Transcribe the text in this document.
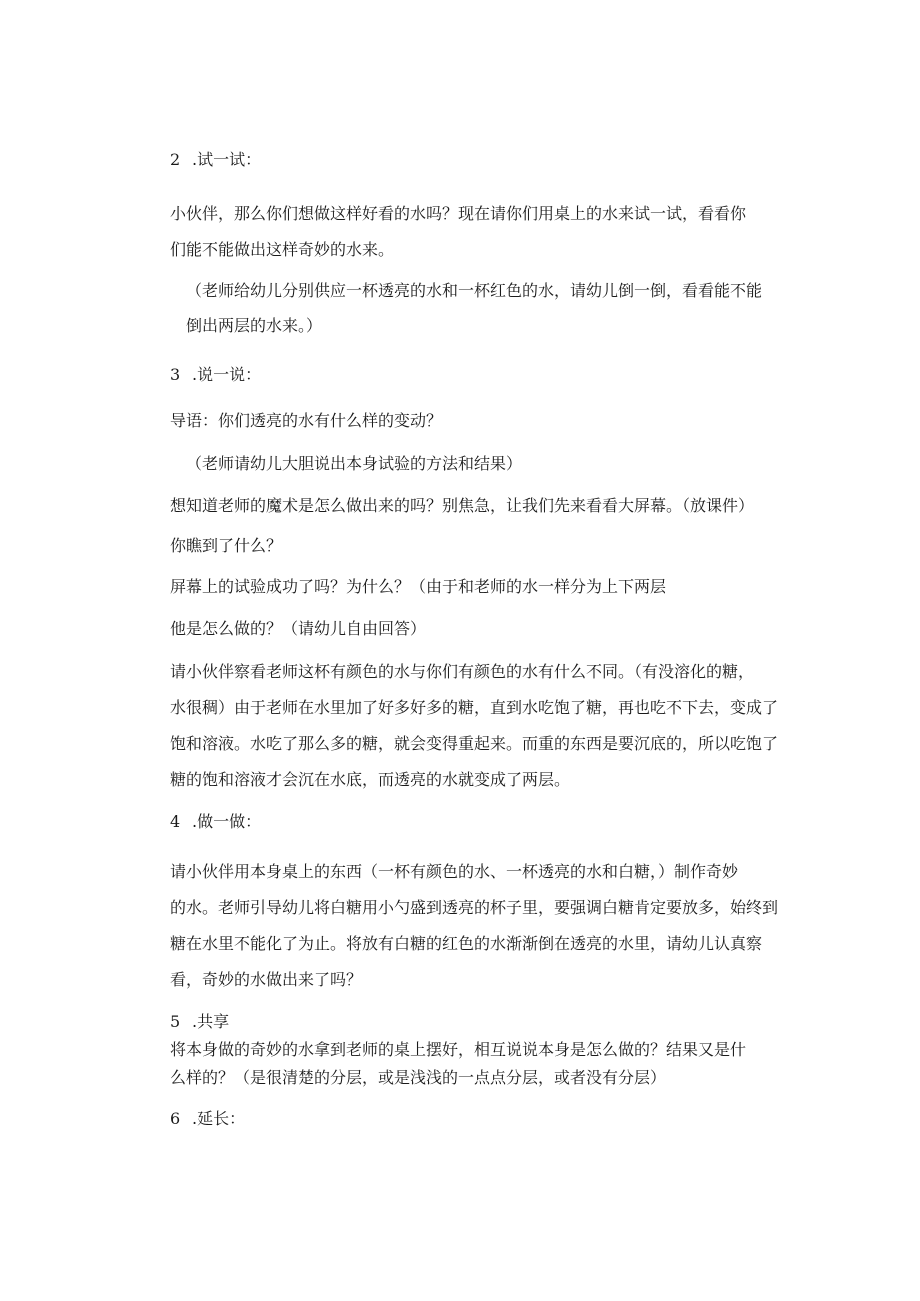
2 .试一试：

小伙伴，那么你们想做这样好看的水吗？现在请你们用桌上的水来试一试，看看你
们能不能做出这样奇妙的水来。

（老师给幼儿分别供应一杯透亮的水和一杯红色的水，请幼儿倒一倒，看看能不能
倒出两层的水来。）

3 .说一说：
导语：你们透亮的水有什么样的变动？
（老师请幼儿大胆说出本身试验的方法和结果）
想知道老师的魔术是怎么做出来的吗？别焦急，让我们先来看看大屏幕。（放课件）
你瞧到了什么？
屏幕上的试验成功了吗？为什么？（由于和老师的水一样分为上下两层
他是怎么做的？（请幼儿自由回答）

请小伙伴察看老师这杯有颜色的水与你们有颜色的水有什么不同。（有没溶化的糖，
水很稠）由于老师在水里加了好多好多的糖，直到水吃饱了糖，再也吃不下去，变成了
饱和溶液。水吃了那么多的糖，就会变得重起来。而重的东西是要沉底的，所以吃饱了
糖的饱和溶液才会沉在水底，而透亮的水就变成了两层。

4 .做一做：

请小伙伴用本身桌上的东西（一杯有颜色的水、一杯透亮的水和白糖，）制作奇妙
的水。老师引导幼儿将白糖用小勺盛到透亮的杯子里，要强调白糖肯定要放多，始终到
糖在水里不能化了为止。将放有白糖的红色的水渐渐倒在透亮的水里，请幼儿认真察
看，奇妙的水做出来了吗？

5 .共享

将本身做的奇妙的水拿到老师的桌上摆好，相互说说本身是怎么做的？结果又是什
么样的？（是很清楚的分层，或是浅浅的一点点分层，或者没有分层）

6 .延长：
